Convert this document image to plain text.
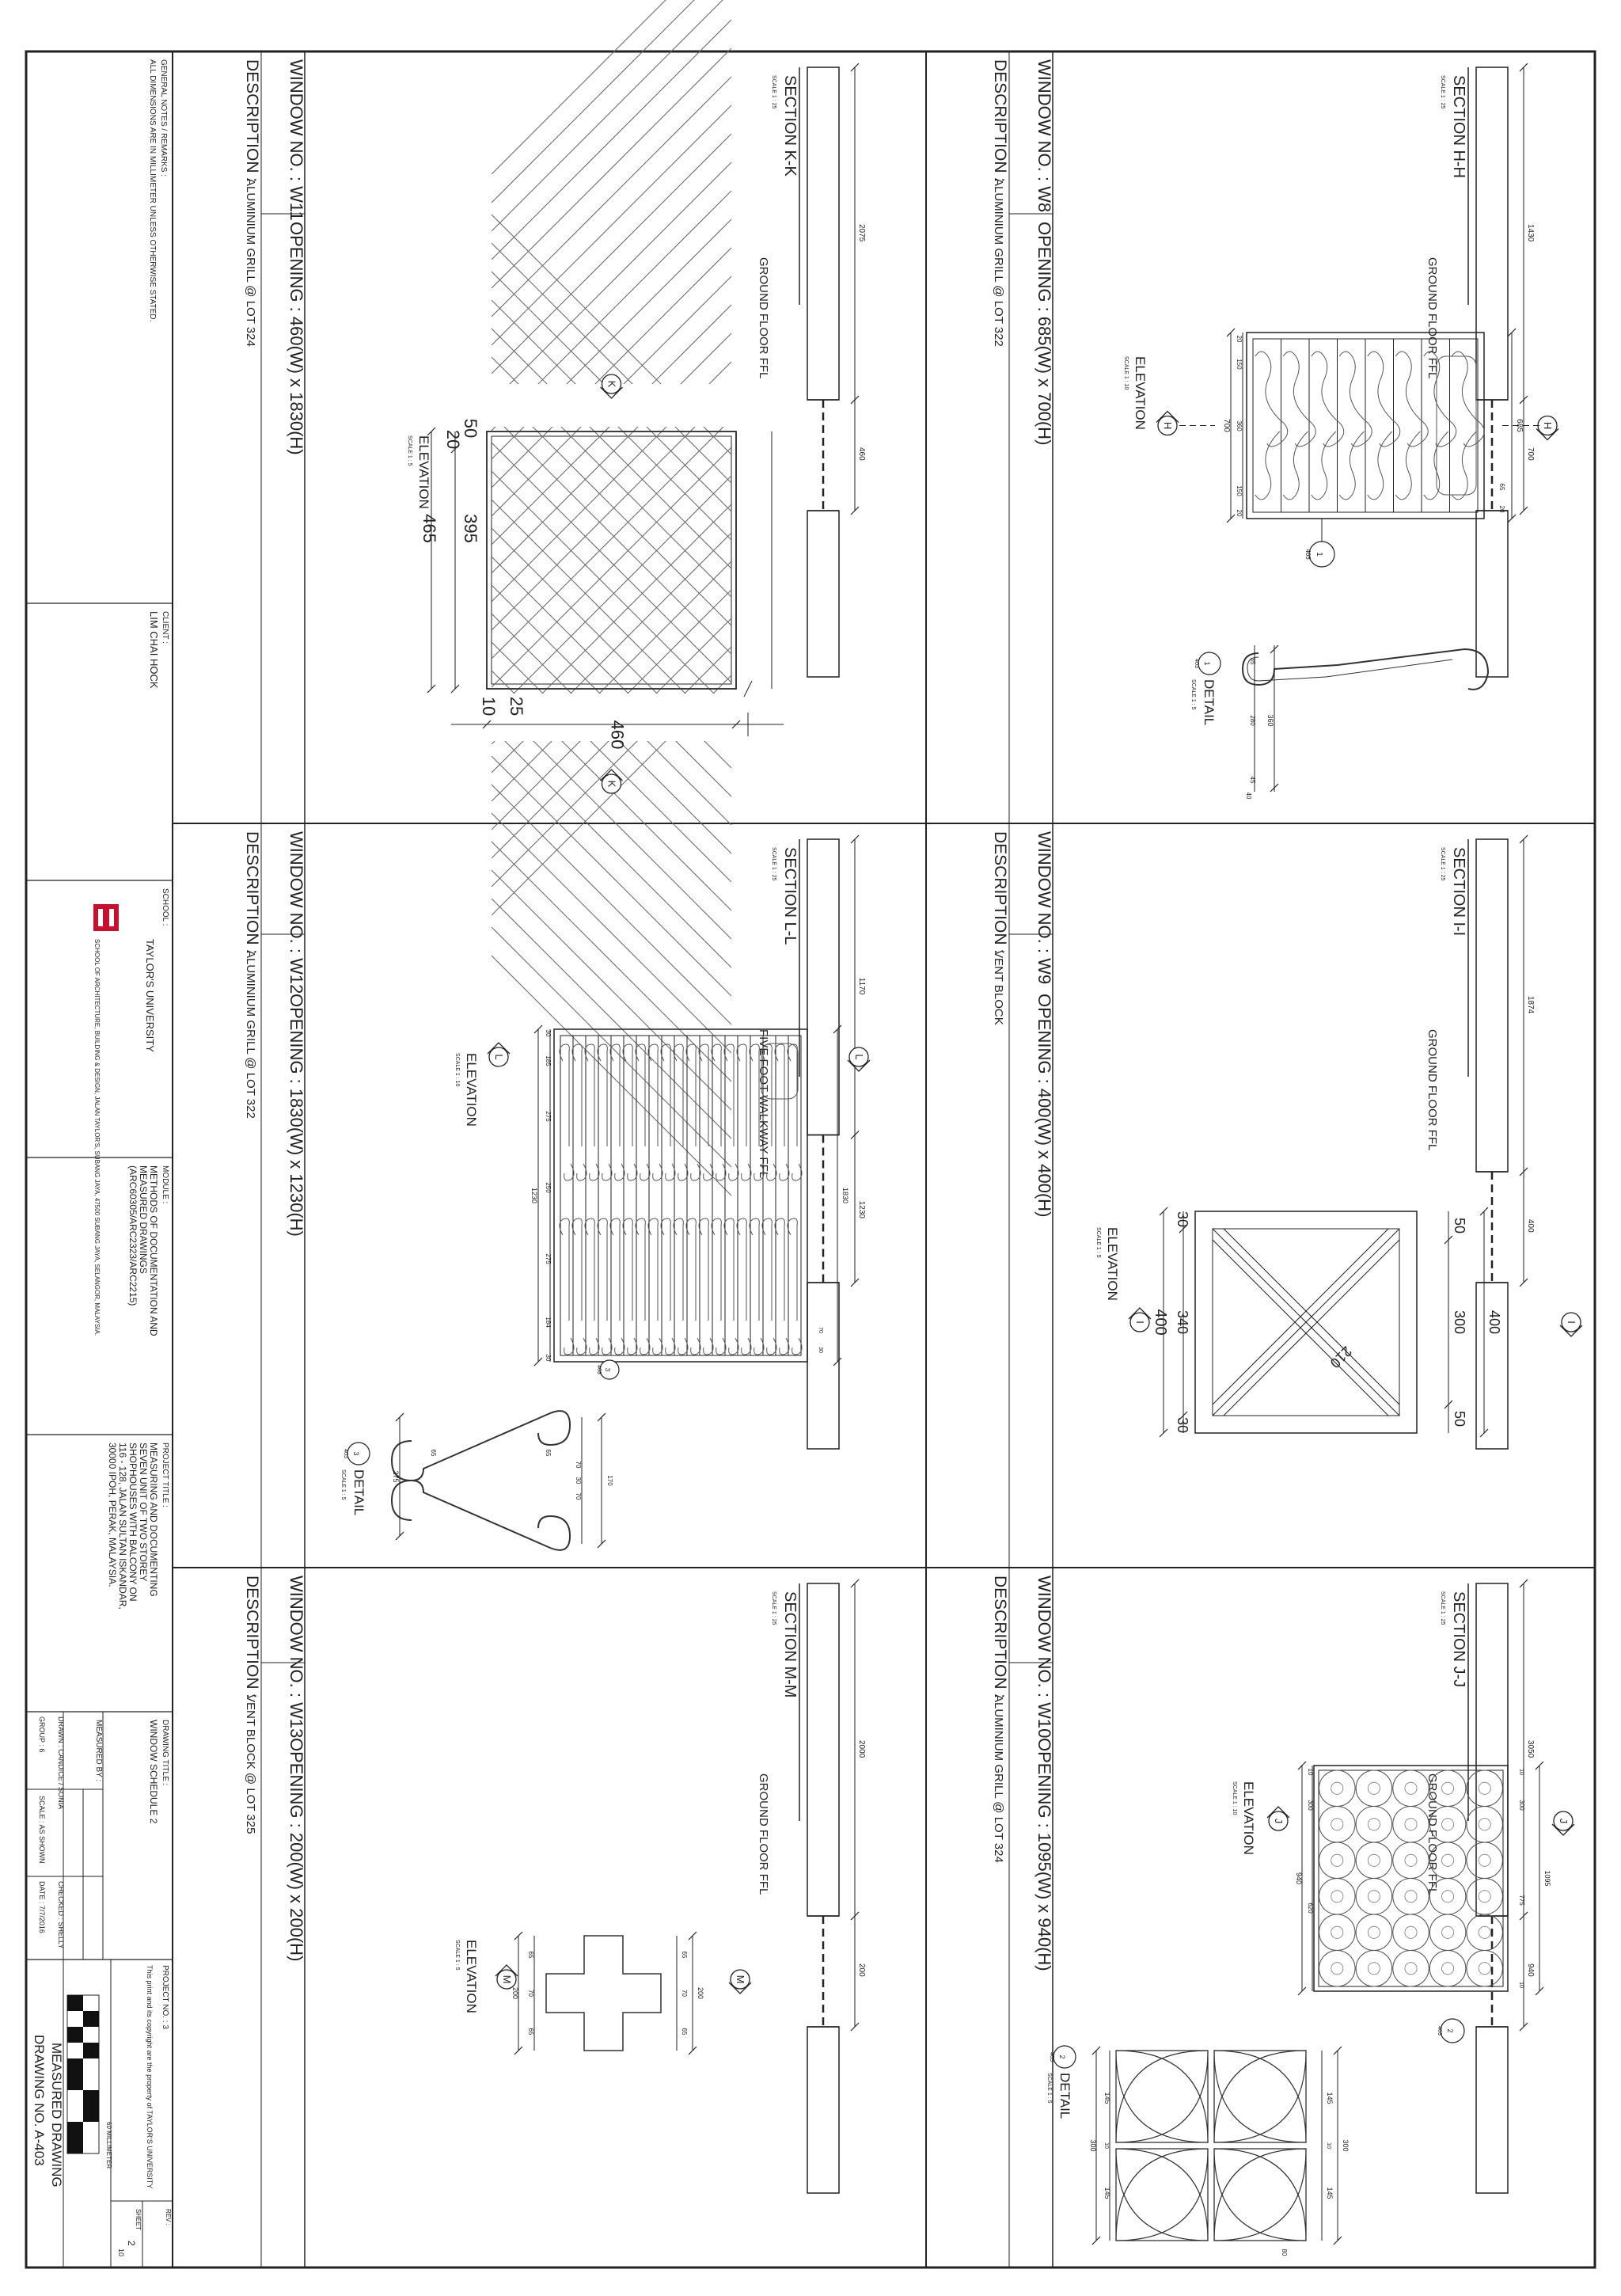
GENERAL NOTES / REMARKS :
ALL DIMENSIONS ARE IN MILLIMETER UNLESS OTHERWISE STATED.
CLIENT :
LIM CHAI HOCK
SCHOOL :
TAYLOR'S UNIVERSITY
SCHOOL OF ARCHITECTURE, BUILDING & DESIGN, JALAN TAYLOR'S, SUBANG JAYA, 47500 SUBANG JAYA, SELANGOR, MALAYSIA.	MODULE :
METHODS OF DOCUMENTATION AND
MEASURED DRAWINGS
(ARC60305/ARC2323/ARC2215)
PROJECT TITLE :
MEASURING AND DOCUMENTING
SEVEN UNIT OF TWO STOREY
SHOPHOUSES WITH BALCONY ON
116 - 128, JALAN SULTAN ISKANDAR,
30000 IPOH, PERAK, MALAYSIA.
DRAWING TITLE :
WINDOW SCHEDULE 2
MEASURED BY :
DRAWN : CANDICE / SONIA
GROUP : 6
SCALE : AS SHOWN
CHECKED : SHELLY
DATE : 7/7/2016
PROJECT NO. : 3
This print and its copyright are the property of TAYLOR'S UNIVERSITY
60 MILLIMETER
REV :
SHEET
2
10
MEASURED DRAWING
DRAWING NO. A-403
WINDOW NO. : W8
OPENING : 685(W) x 700(H)
DESCRIPTION :
ALUMINIUM GRILL @ LOT 322	1430
700
SECTION H-H
SCALE 1 : 25
GROUND FLOOR FFL
WINDOW NO. : W9
OPENING : 400(W) x 400(H)
DESCRIPTION :
VENT BLOCK	1874
400
SECTION I-I
SCALE 1 : 25
GROUND FLOOR FFL
WINDOW NO. : W10
OPENING : 1095(W) x 940(H)
DESCRIPTION :
ALUMINIUM GRILL @ LOT 324	3050
940
SECTION J-J
SCALE 1 : 25
GROUND FLOOR FFL
WINDOW NO. : W11
OPENING : 460(W) x 1830(H)
DESCRIPTION :
ALUMINIUM GRILL @ LOT 324	2075
460
SECTION K-K
SCALE 1 : 25
GROUND FLOOR FFL
WINDOW NO. : W12
OPENING : 1830(W) x 1230(H)
DESCRIPTION :
ALUMINIUM GRILL @ LOT 322	1170
1230
SECTION L-L
SCALE 1 : 25
FIVE FOOT WALKWAY FFL
WINDOW NO. : W13
OPENING : 200(W) x 200(H)
DESCRIPTION :
VENT BLOCK @ LOT 325	2000
200
SECTION M-M
SCALE 1 : 25
GROUND FLOOR FFL
700
20
150
360
150
20
20
65
685 H
H
ELEVATION
SCALE 1 : 10
1
403
360
35
280
45
40
1
403
DETAIL
SCALE 1 : 5
400
30
30
340
50
300
50
400
210
I
I
ELEVATION
SCALE 1 : 5
940
10
300
620
10
300
10
775
1095
J
J
ELEVATION
SCALE 1 : 10
2
403
300 10
145
145
145
10
145
300
80
2
403
DETAIL
SCALE 1 : 5
465
20
50
395
10 25
460
K
K
ELEVATION
SCALE 1 : 5
1230
30
185
275
250
275
184
30
30
70
1830
L
L
ELEVATION
SCALE 1 : 10
3
403
275
65	65
70
30
70
170
3
403
DETAIL
SCALE 1 : 5
200
65
70
65
65
70
65
200
M
M
ELEVATION
SCALE 1 : 5
